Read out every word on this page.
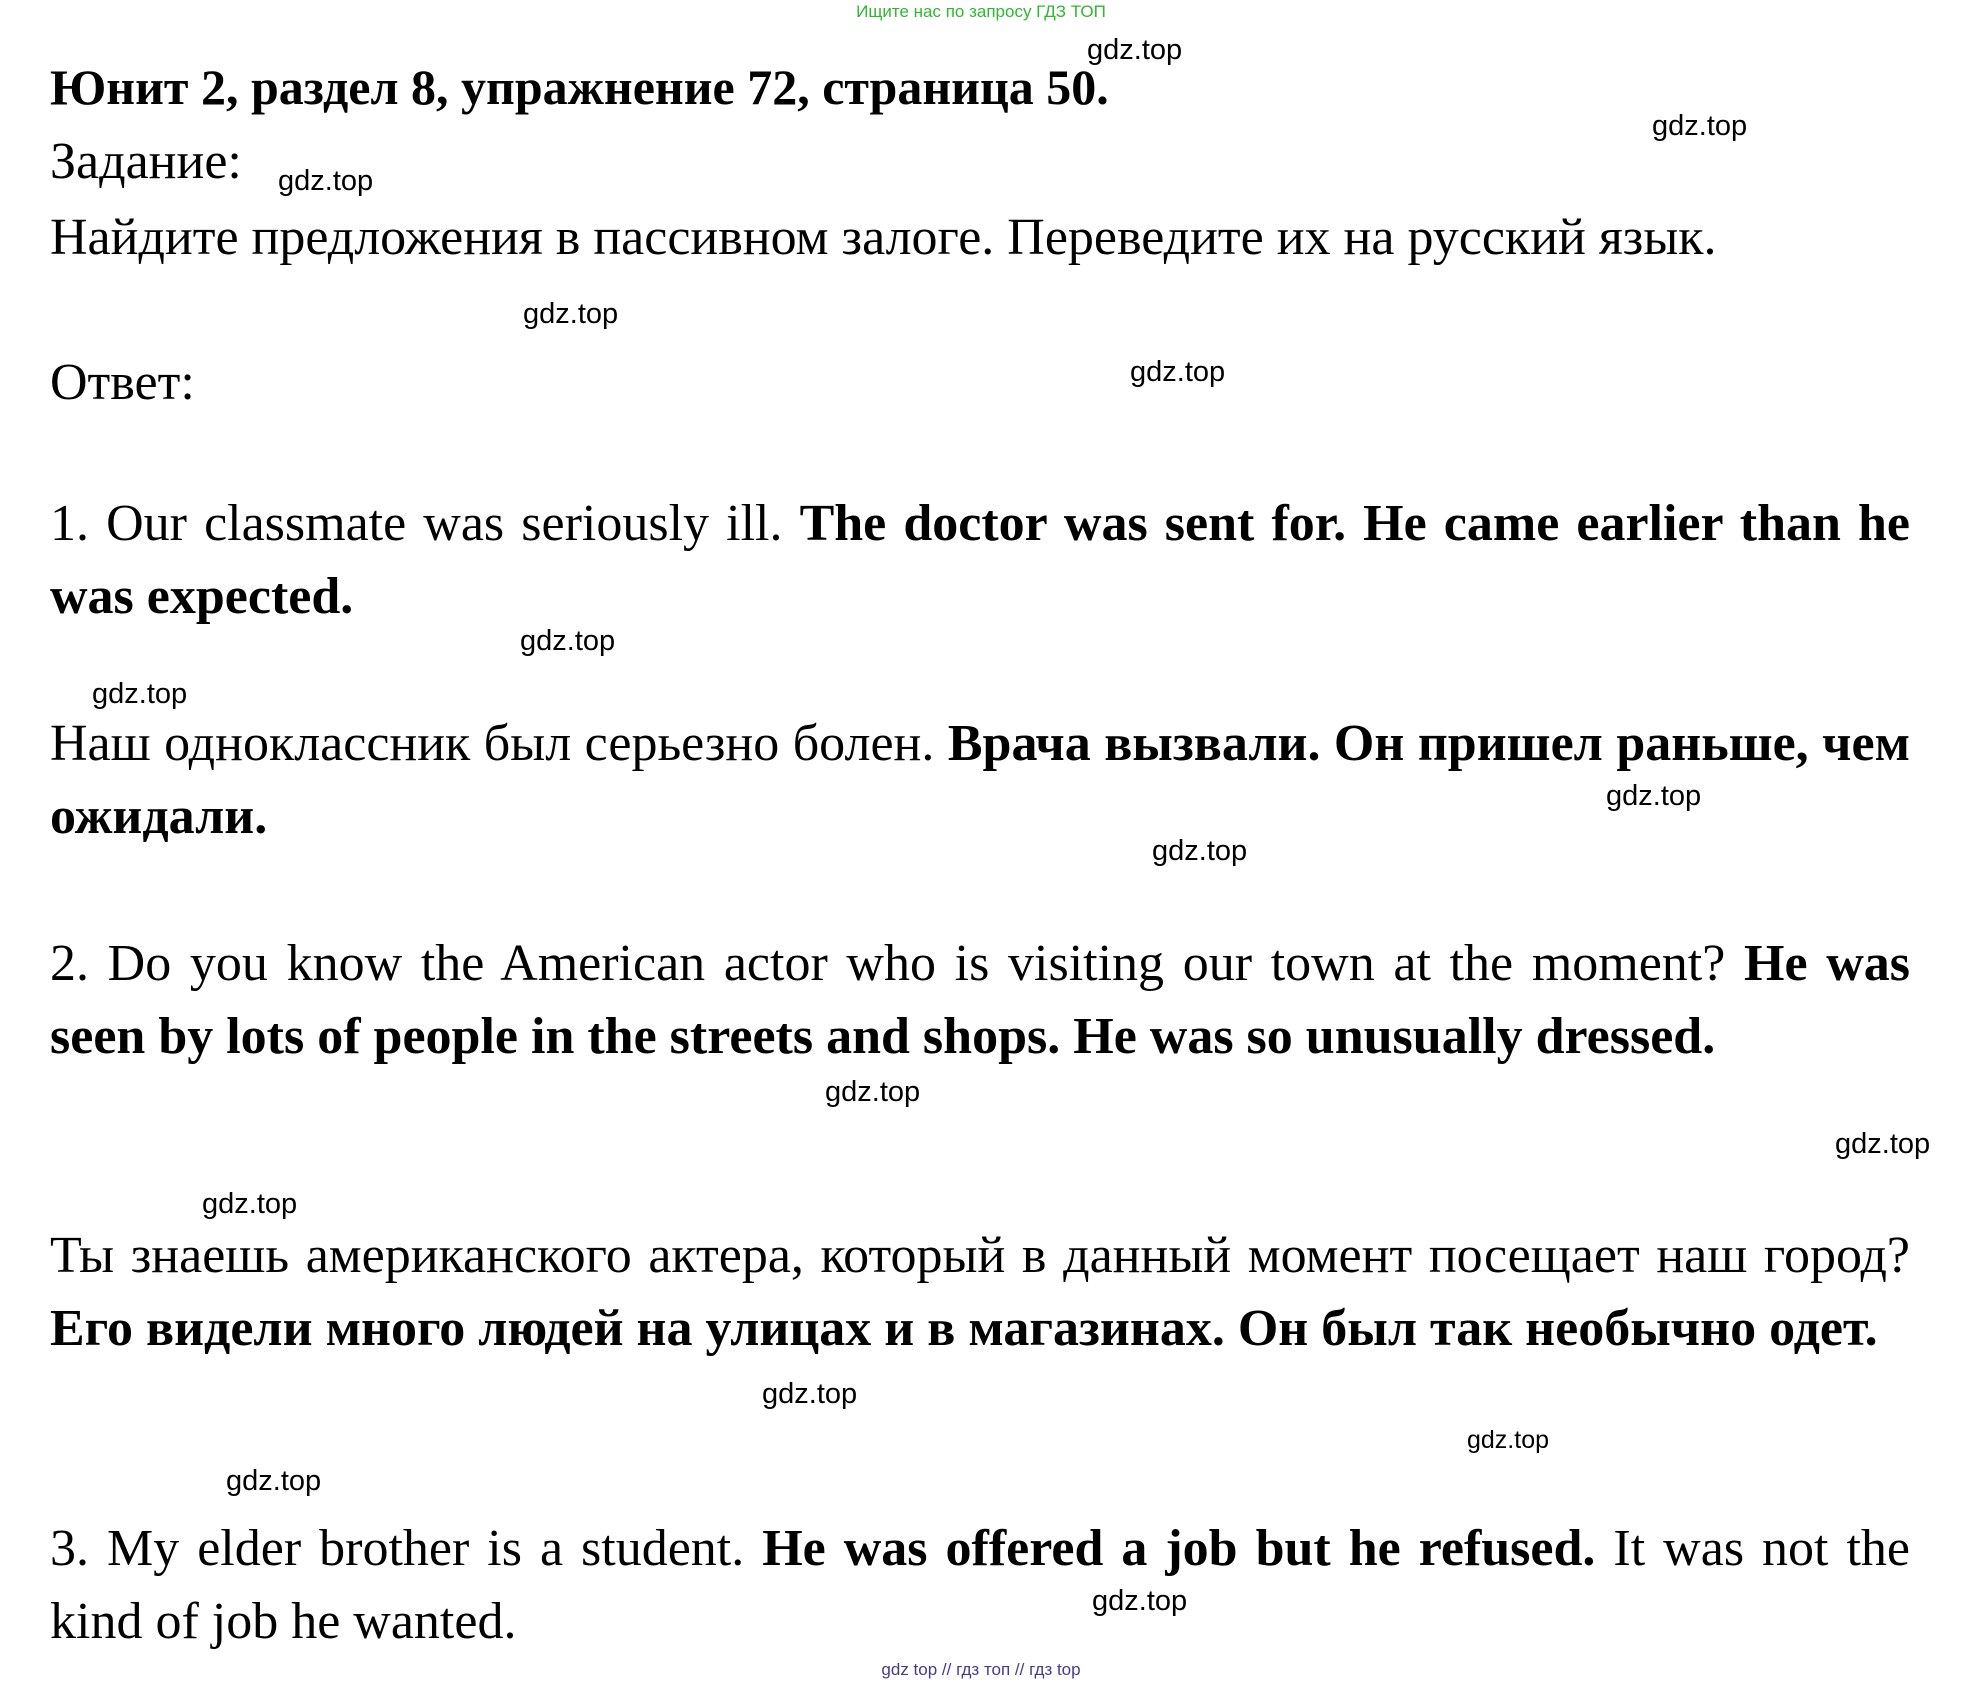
Ищите нас по запросу ГДЗ ТОП
Юнит 2, раздел 8, упражнение 72, страница 50.
Задание:
Найдите предложения в пассивном залоге. Переведите их на русский язык.
Ответ:
1. Our classmate was seriously ill. The doctor was sent for. He came earlier than he was expected.
Наш одноклассник был серьезно болен. Врача вызвали. Он пришел раньше, чем ожидали.
2. Do you know the American actor who is visiting our town at the moment? He was seen by lots of people in the streets and shops. He was so unusually dressed.
Ты знаешь американского актера, который в данный момент посещает наш город? Его видели много людей на улицах и в магазинах. Он был так необычно одет.
3. My elder brother is a student. He was offered a job but he refused. It was not the kind of job he wanted.
gdz.top
gdz.top
gdz.top
gdz.top
gdz.top
gdz.top
gdz.top
gdz.top
gdz.top
gdz.top
gdz.top
gdz.top
gdz.top
gdz.top
gdz.top
gdz.top
gdz top // гдз топ // гдз top
